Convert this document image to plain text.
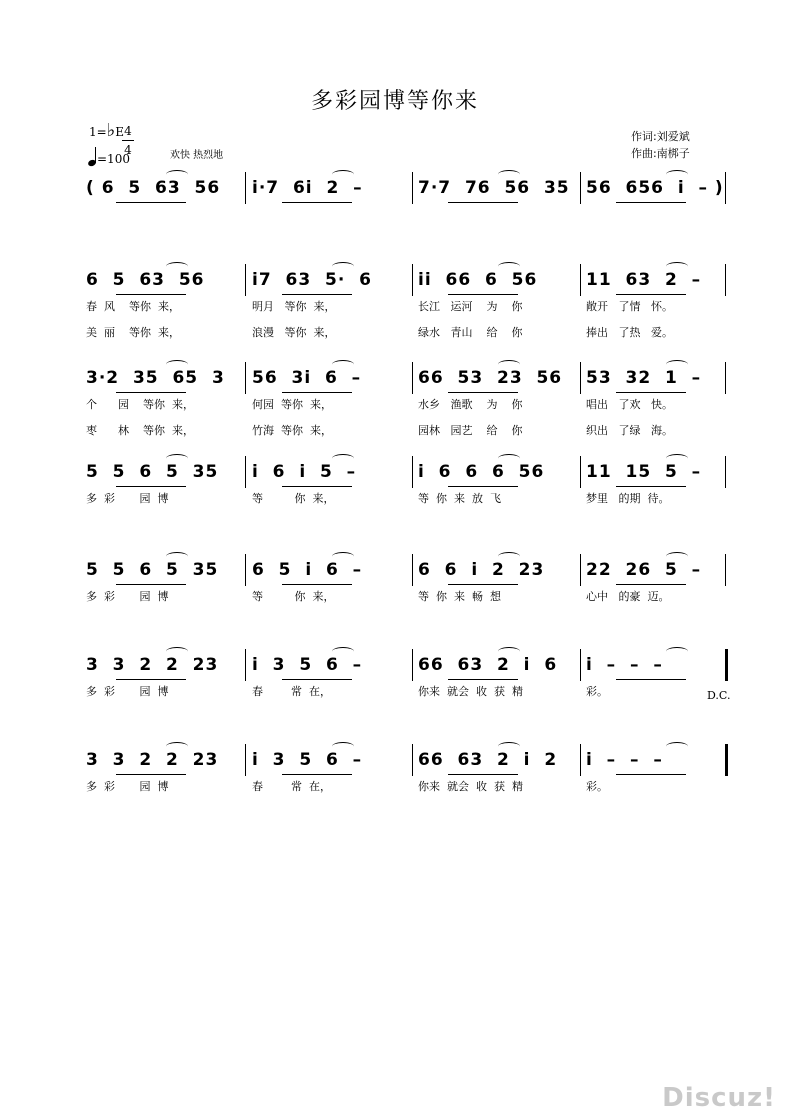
多彩园博等你来
1=♭E
$\frac{4}{4}$
=100	欢快 热烈地
作词:刘爱斌
作曲:南梆子
( 6  5  63  56 i·7  6i  2  –	7·7  76  56  35 56  656  i  – )
6  5  63  56	i7  63  5·  6	ii  66  6  56	11  63  2  –
春  风    等你  来，	明月   等你  来，	长江   运河    为    你	敞开   了情   怀。
美  丽    等你  来，	浪漫   等你  来，	绿水   青山    给    你	捧出   了热   爱。
3·2  35  65  3 56  3i  6  –	66  53  23  56 53  32  1  –
个      园    等你  来，	何园  等你  来，	水乡   渔歌    为    你	唱出   了欢   快。
枣      林    等你  来，	竹海  等你  来，	园林   园艺    给    你	织出   了绿   海。
5  5  6  5  35 i  6  i  5  –	i  6  6  6  56 11  15  5  –
多  彩       园  博	等         你  来，	等  你  来  放  飞	梦里   的期  待。
5  5  6  5  35 6  5  i  6  –	6  6  i  2  23 22  26  5  –
多  彩       园  博	等         你  来，	等  你  来  畅  想	心中   的豪  迈。
3  3  2  2  23 i  3  5  6  –	66  63  2  i  6 i  –  –  –
多  彩       园  博	春        常  在，	你来  就会  收  获  精	彩。
3  3  2  2  23 i  3  5  6  –	66  63  2  i  2 i  –  –  –
多  彩       园  博	春        常  在，	你来  就会  收  获  精	彩。
D.C.
Discuz!
